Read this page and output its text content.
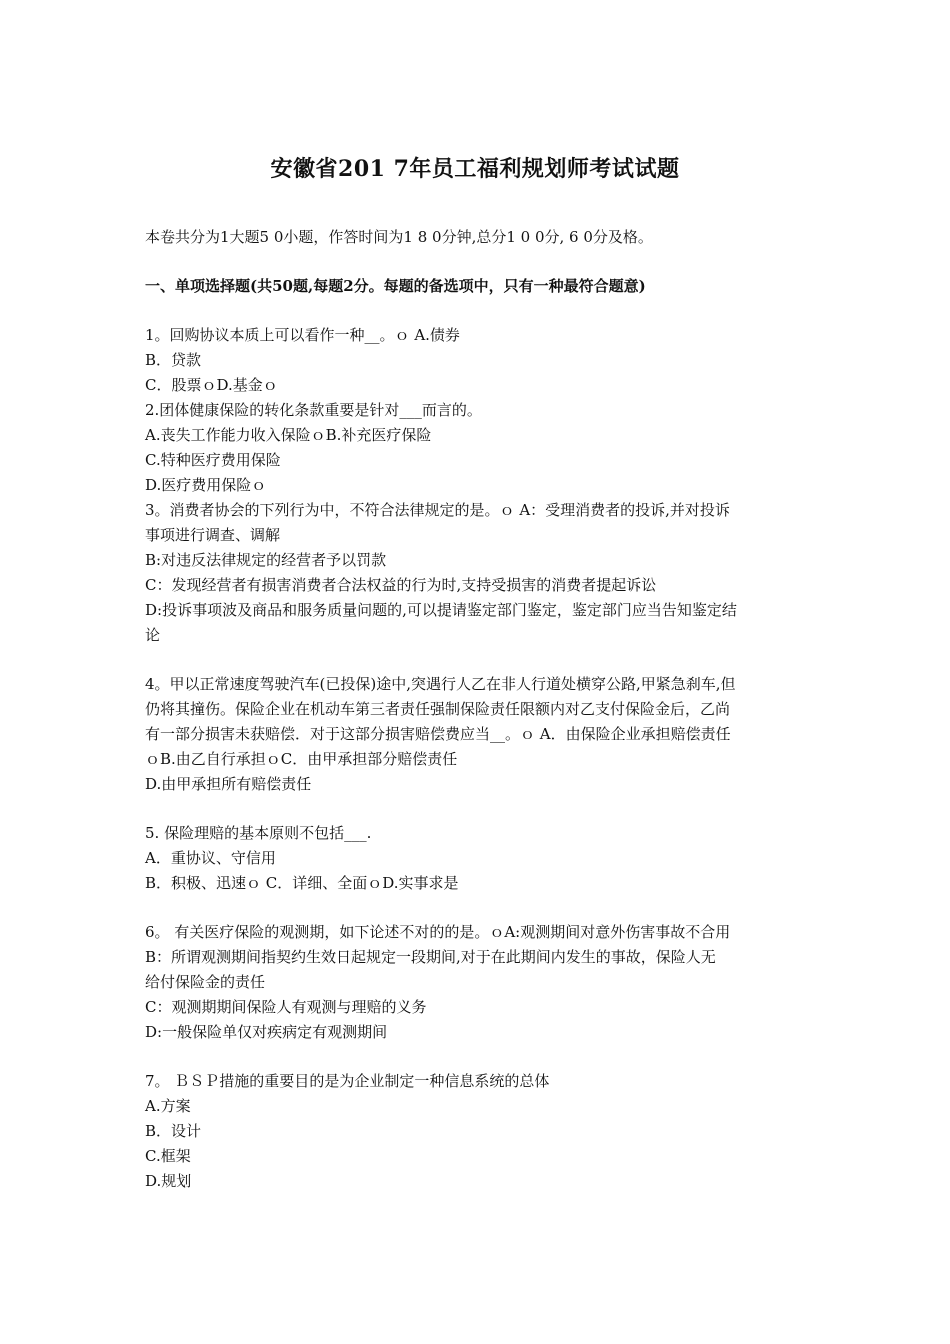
安徽省201 7年员工福利规划师考试试题
本卷共分为1大题5 0小题，作答时间为1 8 0分钟,总分1 0 0分, 6 0分及格。
一、单项选择题(共50题,每题2分。每题的备选项中，只有一种最符合题意)
1。回购协议本质上可以看作一种__。ｏ A.债券
B．贷款
C．股票ｏD.基金ｏ
2.团体健康保险的转化条款重要是针对___而言的。
A.丧失工作能力收入保险ｏB.补充医疗保险
C.特种医疗费用保险
D.医疗费用保险ｏ
3。消费者协会的下列行为中，不符合法律规定的是。ｏ A：受理消费者的投诉,并对投诉
事项进行调查、调解
B:对违反法律规定的经营者予以罚款
C：发现经营者有损害消费者合法权益的行为时,支持受损害的消费者提起诉讼
D:投诉事项波及商品和服务质量问题的,可以提请鉴定部门鉴定，鉴定部门应当告知鉴定结
论
4。甲以正常速度驾驶汽车(已投保)途中,突遇行人乙在非人行道处横穿公路,甲紧急刹车,但
仍将其撞伤。保险企业在机动车第三者责任强制保险责任限额内对乙支付保险金后，乙尚
有一部分损害未获赔偿．对于这部分损害赔偿费应当__。ｏ A．由保险企业承担赔偿责任
ｏB.由乙自行承担ｏC．由甲承担部分赔偿责任
D.由甲承担所有赔偿责任
5. 保险理赔的基本原则不包括___.
A．重协议、守信用
B．积极、迅速ｏ C．详细、全面ｏD.实事求是
6。 有关医疗保险的观测期，如下论述不对的的是。ｏA:观测期间对意外伤害事故不合用
B：所谓观测期间指契约生效日起规定一段期间,对于在此期间内发生的事故，保险人无
给付保险金的责任
C：观测期期间保险人有观测与理赔的义务
D:一般保险单仅对疾病定有观测期间
7。 ＢＳＰ措施的重要目的是为企业制定一种信息系统的总体
A.方案
B．设计
C.框架
D.规划
